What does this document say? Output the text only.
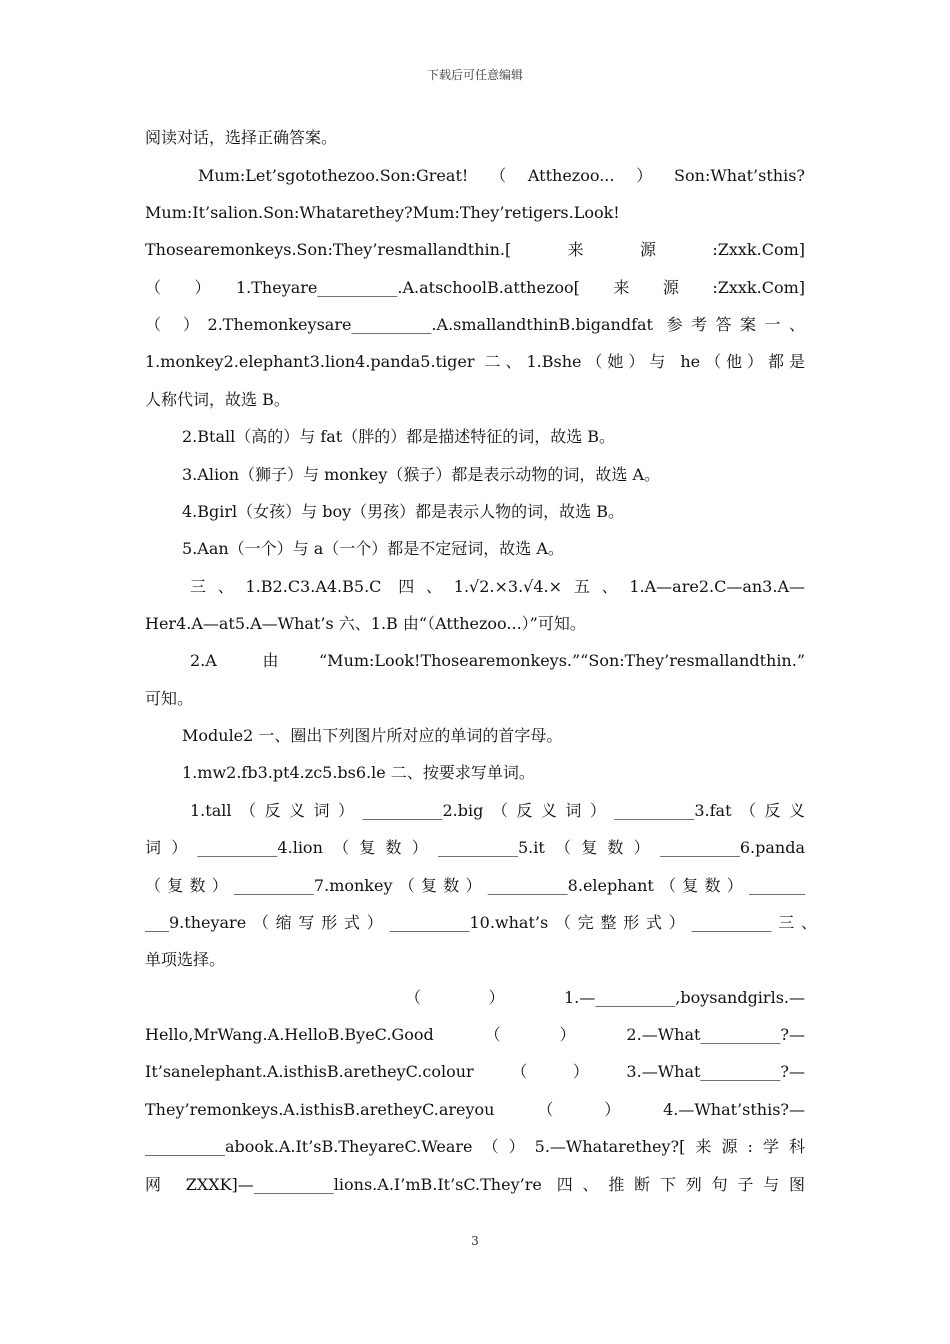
下载后可任意编辑
阅读对话，选择正确答案。
Mum:Let’sgotothezoo.Son:Great!（Atthezoo...）Son:What’sthis?
Mum:It’salion.Son:Whatarethey?Mum:They’retigers.Look!
Thosearemonkeys.Son:They’resmallandthin.[　　来　　源　　:Zxxk.Com]
（　）　1.Theyare__________.A.atschoolB.atthezoo[　来　源　:Zxxk.Com]
（ ）2.Themonkeysare__________.A.smallandthinB.bigandfat 参考答案一、
1.monkey2.elephant3.lion4.panda5.tiger 二、1.Bshe（她）与 he（他）都是
人称代词，故选 B。
2.Btall（高的）与 fat（胖的）都是描述特征的词，故选 B。
3.Alion（狮子）与 monkey（猴子）都是表示动物的词，故选 A。
4.Bgirl（女孩）与 boy（男孩）都是表示人物的词，故选 B。
5.Aan（一个）与 a（一个）都是不定冠词，故选 A。
三、1.B2.C3.A4.B5.C 四、1.√2.×3.√4.×五、1.A—are2.C—an3.A—
Her4.A—at5.A—What’s 六、1.B 由“（Atthezoo...）”可知。
2.A 由“Mum:Look!Thosearemonkeys.”“Son:They’resmallandthin.”
可知。
Module2 一、圈出下列图片所对应的单词的首字母。
1.mw2.fb3.pt4.zc5.bs6.le 二、按要求写单词。
1.tall（反义词）__________2.big（反义词）__________3.fat（反义
词）__________4.lion（复数）__________5.it（复数）__________6.panda
（复数）__________7.monkey（复数）__________8.elephant（复数）_______
___9.theyare（缩写形式）__________10.what’s（完整形式）__________三、
单项选择。
（　　）　　1.—__________,boysandgirls.—
Hello,MrWang.A.HelloB.ByeC.Good　　（　　）　　2.—What__________?—
It’sanelephant.A.isthisB.aretheyC.colour　（　）　3.—What__________?—
They’remonkeys.A.isthisB.aretheyC.areyou　（　）　4.—What’sthis?—
__________abook.A.It’sB.TheyareC.Weare（）5.—Whatarethey?[来源:学科
网 ZXXK]—__________lions.A.I’mB.It’sC.They’re 四、推断下列句子与图
3
